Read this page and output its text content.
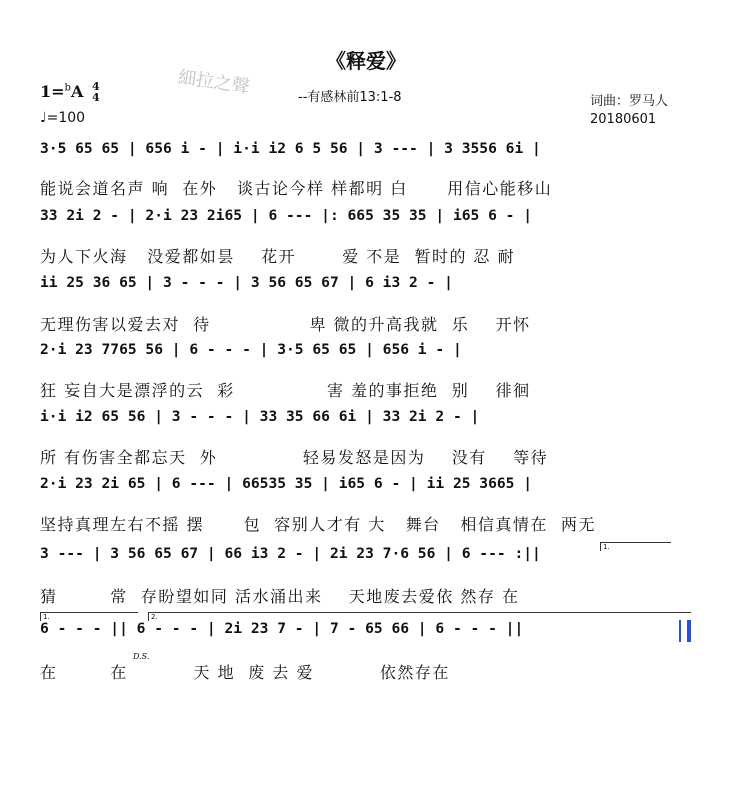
《释爱》
1=$^b$A 4
4
♩=100
細拉之聲	--有感林前13:1-8	词曲：罗马人
20180601
3·5 65 65 | 656 i - | i·i i2 6 5 56 | 3 --- | 3 3556 6i |
能说会道名声 响  在外   谈古论今样 样都明 白      用信心能移山
33 2i 2 - | 2·i 23 2i65 | 6 --- |: 665 35 35 | i65 6 - |
为人下火海   没爱都如昙    花开       爱 不是  暂时的 忍 耐
ii 25 36 65 | 3 - - - | 3 56 65 67 | 6 i3 2 - |
无理伤害以爱去对  待               卑 微的升高我就  乐    开怀
2·i 23 7765 56 | 6 - - - | 3·5 65 65 | 656 i - |
狂 妄自大是漂浮的云  彩              害 羞的事拒绝  别    徘徊
i·i i2 65 56 | 3 - - - | 33 35 66 6i | 33 2i 2 - |
所 有伤害全都忘天  外             轻易发怒是因为    没有    等待
2·i 23 2i 65 | 6 --- | 66535 35 | i65 6 - | ii 25 3665 |
坚持真理左右不摇 摆      包  容别人才有 大   舞台   相信真情在  两无
1.
3 --- | 3 56 65 67 | 66 i3 2 - | 2i 23 7·6 56 | 6 --- :||
猜        常  存盼望如同 活水涌出来    天地废去爱依 然存 在
1.	2.
6 - - - || 6 - - - | 2i 23 7 - | 7 - 65 66 | 6 - - - ||
D.S.
在        在          天 地  废 去 爱          依然存在
